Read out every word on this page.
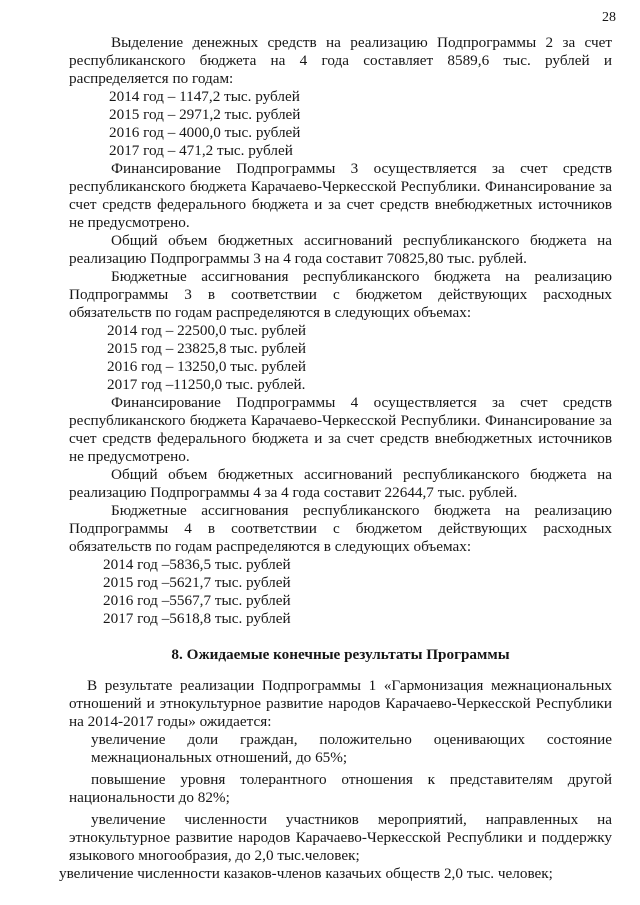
28

Выделение денежных средств на реализацию Подпрограммы 2 за счет республиканского бюджета на 4 года составляет 8589,6 тыс. рублей и распределяется по годам:

2014 год – 1147,2 тыс. рублей
2015 год – 2971,2 тыс. рублей
2016 год – 4000,0 тыс. рублей
2017 год – 471,2 тыс. рублей

Финансирование Подпрограммы 3 осуществляется за счет средств республиканского бюджета Карачаево-Черкесской Республики. Финансирование за счет средств федерального бюджета и за счет средств внебюджетных источников не предусмотрено.

Общий объем бюджетных ассигнований республиканского бюджета на реализацию Подпрограммы 3 на 4 года составит 70825,80 тыс. рублей.

Бюджетные ассигнования республиканского бюджета на реализацию Подпрограммы 3 в соответствии с бюджетом действующих расходных обязательств по годам распределяются в следующих объемах:

2014 год – 22500,0 тыс. рублей
2015 год – 23825,8 тыс. рублей
2016 год – 13250,0 тыс. рублей
2017 год –11250,0 тыс. рублей.

Финансирование Подпрограммы 4 осуществляется за счет средств республиканского бюджета Карачаево-Черкесской Республики. Финансирование за счет средств федерального бюджета и за счет средств внебюджетных источников не предусмотрено.

Общий объем бюджетных ассигнований республиканского бюджета на реализацию Подпрограммы 4 за 4 года составит 22644,7 тыс. рублей.

Бюджетные ассигнования республиканского бюджета на реализацию Подпрограммы 4 в соответствии с бюджетом действующих расходных обязательств по годам распределяются в следующих объемах:

2014 год –5836,5 тыс. рублей
2015 год –5621,7 тыс. рублей
2016 год –5567,7 тыс. рублей
2017 год –5618,8 тыс. рублей
8. Ожидаемые конечные результаты Программы

В результате реализации Подпрограммы 1 «Гармонизация межнациональных отношений и этнокультурное развитие народов Карачаево-Черкесской Республики на 2014-2017 годы» ожидается:

увеличение доли граждан, положительно оценивающих состояние межнациональных отношений, до 65%;

повышение уровня толерантного отношения к представителям другой национальности до 82%;

увеличение численности участников мероприятий, направленных на этнокультурное развитие народов Карачаево-Черкесской Республики и поддержку языкового многообразия, до 2,0 тыс.человек;

увеличение численности казаков-членов казачьих обществ 2,0 тыс. человек;
